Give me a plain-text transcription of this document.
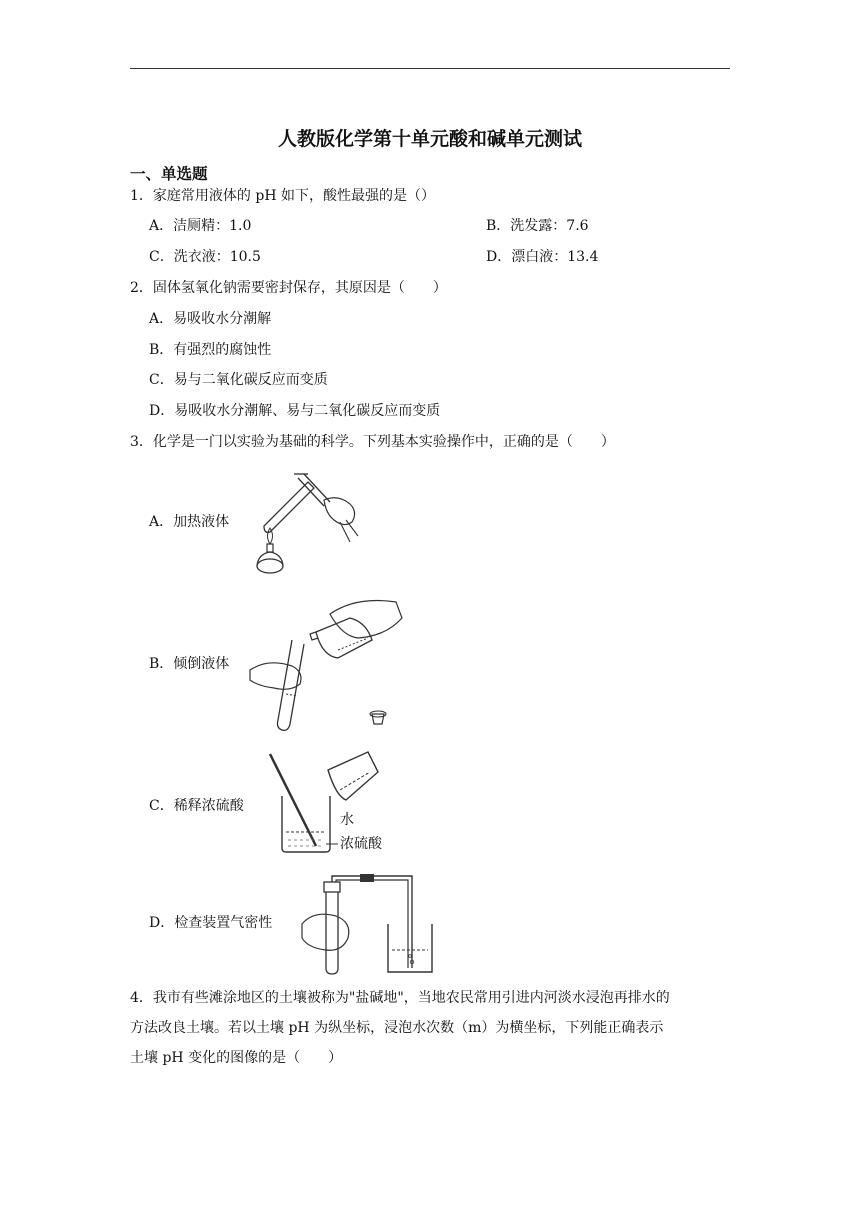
人教版化学第十单元酸和碱单元测试
一、单选题
1．家庭常用液体的 pH 如下，酸性最强的是（）
A．洁厕精：1.0	B．洗发露：7.6
C．洗衣液：10.5	D．漂白液：13.4
2．固体氢氧化钠需要密封保存，其原因是（　　）
A．易吸收水分潮解
B．有强烈的腐蚀性
C．易与二氧化碳反应而变质
D．易吸收水分潮解、易与二氧化碳反应而变质
3．化学是一门以实验为基础的科学。下列基本实验操作中，正确的是（　　）
A．加热液体
B．倾倒液体
C．稀释浓硫酸
水
浓硫酸
D．检查装置气密性
4．我市有些滩涂地区的土壤被称为"盐碱地"，当地农民常用引进内河淡水浸泡再排水的
方法改良土壤。若以土壤 pH 为纵坐标，浸泡水次数（m）为横坐标，下列能正确表示
土壤 pH 变化的图像的是（　　）
